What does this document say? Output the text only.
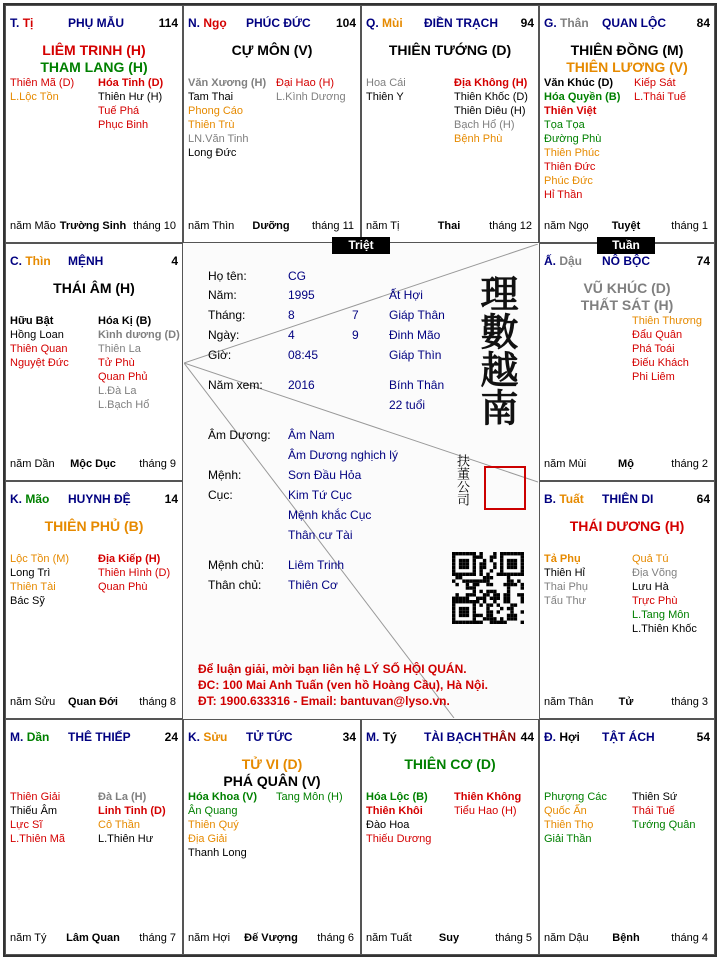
T. Tị	PHỤ MẪU	114
LIÊM TRINH (H)
THAM LANG (H)
Thiên Mã (D)
L.Lộc Tồn
Hóa Tinh (D)
Thiên Hư (H)
Tuế Phá
Phục Binh
năm Mão Trường Sinh tháng 10
N. Ngọ PHÚC ĐỨC 104
CỰ MÔN (V)
Văn Xương (H)
Tam Thai
Phong Cáo
Thiên Trù
LN.Văn Tinh
Long Đức
Đại Hao (H)
L.Kình Dương
năm Thìn Dưỡng tháng 11
Q. Mùi ĐIỀN TRẠCH 94
THIÊN TƯỚNG (D)
Hoa Cái
Thiên Y
Địa Không (H)
Thiên Khốc (D)
Thiên Diêu (H)
Bạch Hổ (H)
Bệnh Phù
năm Tị	Thai	tháng 12
G. Thân QUAN LỘC	84
THIÊN ĐỒNG (M)
THIÊN LƯƠNG (V)
Văn Khúc (D)
Hóa Quyền (B)
Thiên Việt
Tọa Tọa
Đường Phù
Thiên Phúc
Thiên Đức
Phúc Đức
Hỉ Thần
Kiếp Sát
L.Thái Tuế
năm Ngọ Tuyệt	tháng 1
Ấ. Dậu NÔ BỘC	74
VŨ KHÚC (D)
THẤT SÁT (H)
Thiên Thương
Đẩu Quân
Phá Toái
Điếu Khách
Phi Liêm
năm Mùi	Mộ	tháng 2
B. Tuất THIÊN DI	64
THÁI DƯƠNG (H)
Tả Phụ
Thiên Hỉ
Thai Phụ
Tấu Thư
Quả Tú
Địa Võng
Lưu Hà
Trực Phù
L.Tang Môn
L.Thiên Khốc
năm Thân Tử	tháng 3
Đ. Hợi TẬT ÁCH	54
Phượng Các
Quốc Ấn
Thiên Thọ
Giải Thần
Thiên Sứ
Thái Tuế
Tướng Quân
năm Dậu Bệnh	tháng 4
M. Tý TÀI BẠCH THÂN 44
THIÊN CƠ (D)
Hóa Lộc (B)
Thiên Khôi
Đào Hoa
Thiếu Dương
Thiên Không
Tiểu Hao (H)
năm Tuất Suy	tháng 5
K. Sửu TỬ TỨC	34
TỬ VI (D)
PHÁ QUÂN (V)
Hóa Khoa (V)
Ân Quang
Thiên Quý
Địa Giải
Thanh Long
Tang Môn (H)
năm Hợi Đế Vượng tháng 6
M. Dần THÊ THIẾP	24
Thiên Giải
Thiếu Âm
Lực Sĩ
L.Thiên Mã
Đà La (H)
Linh Tinh (D)
Cô Thần
L.Thiên Hư
năm Tý Lâm Quan tháng 7
K. Mão HUYNH ĐỆ	14
THIÊN PHỦ (B)
Lộc Tồn (M)
Long Trì
Thiên Tài
Bác Sỹ
Địa Kiếp (H)
Thiên Hình (D)
Quan Phù
năm Sửu Quan Đới tháng 8
C. Thìn MỆNH	4
THÁI ÂM (H)
Hữu Bật
Hồng Loan
Thiên Quan
Nguyệt Đức
Hóa Kị (B)
Kình dương (D)
Thiên La
Tử Phù
Quan Phủ
L.Đà La
L.Bạch Hổ
năm Dần Mộc Dục tháng 9
Họ tên:	CG
Năm:	1995	Ất Hợi
Tháng:	8	7	Giáp Thân
Ngày:	4	9	Đinh Mão
Giờ:	08:45	Giáp Thìn
Năm xem: 2016	Bính Thân
22 tuổi
Âm Dương: Âm Nam
Âm Dương nghịch lý
Mệnh:	Sơn Đầu Hỏa
Cục:	Kim Tứ Cục
Mệnh khắc Cục
Thân cư Tài
Mệnh chủ: Liêm Trinh
Thân chủ: Thiên Cơ
理數越南
扶董公司
Để luận giải, mời bạn liên hệ LÝ SỐ HỘI QUÁN.
ĐC: 100 Mai Anh Tuấn (ven hồ Hoàng Cầu), Hà Nội.
ĐT: 1900.633316 - Email: bantuvan@lyso.vn.
Triệt	Tuần
